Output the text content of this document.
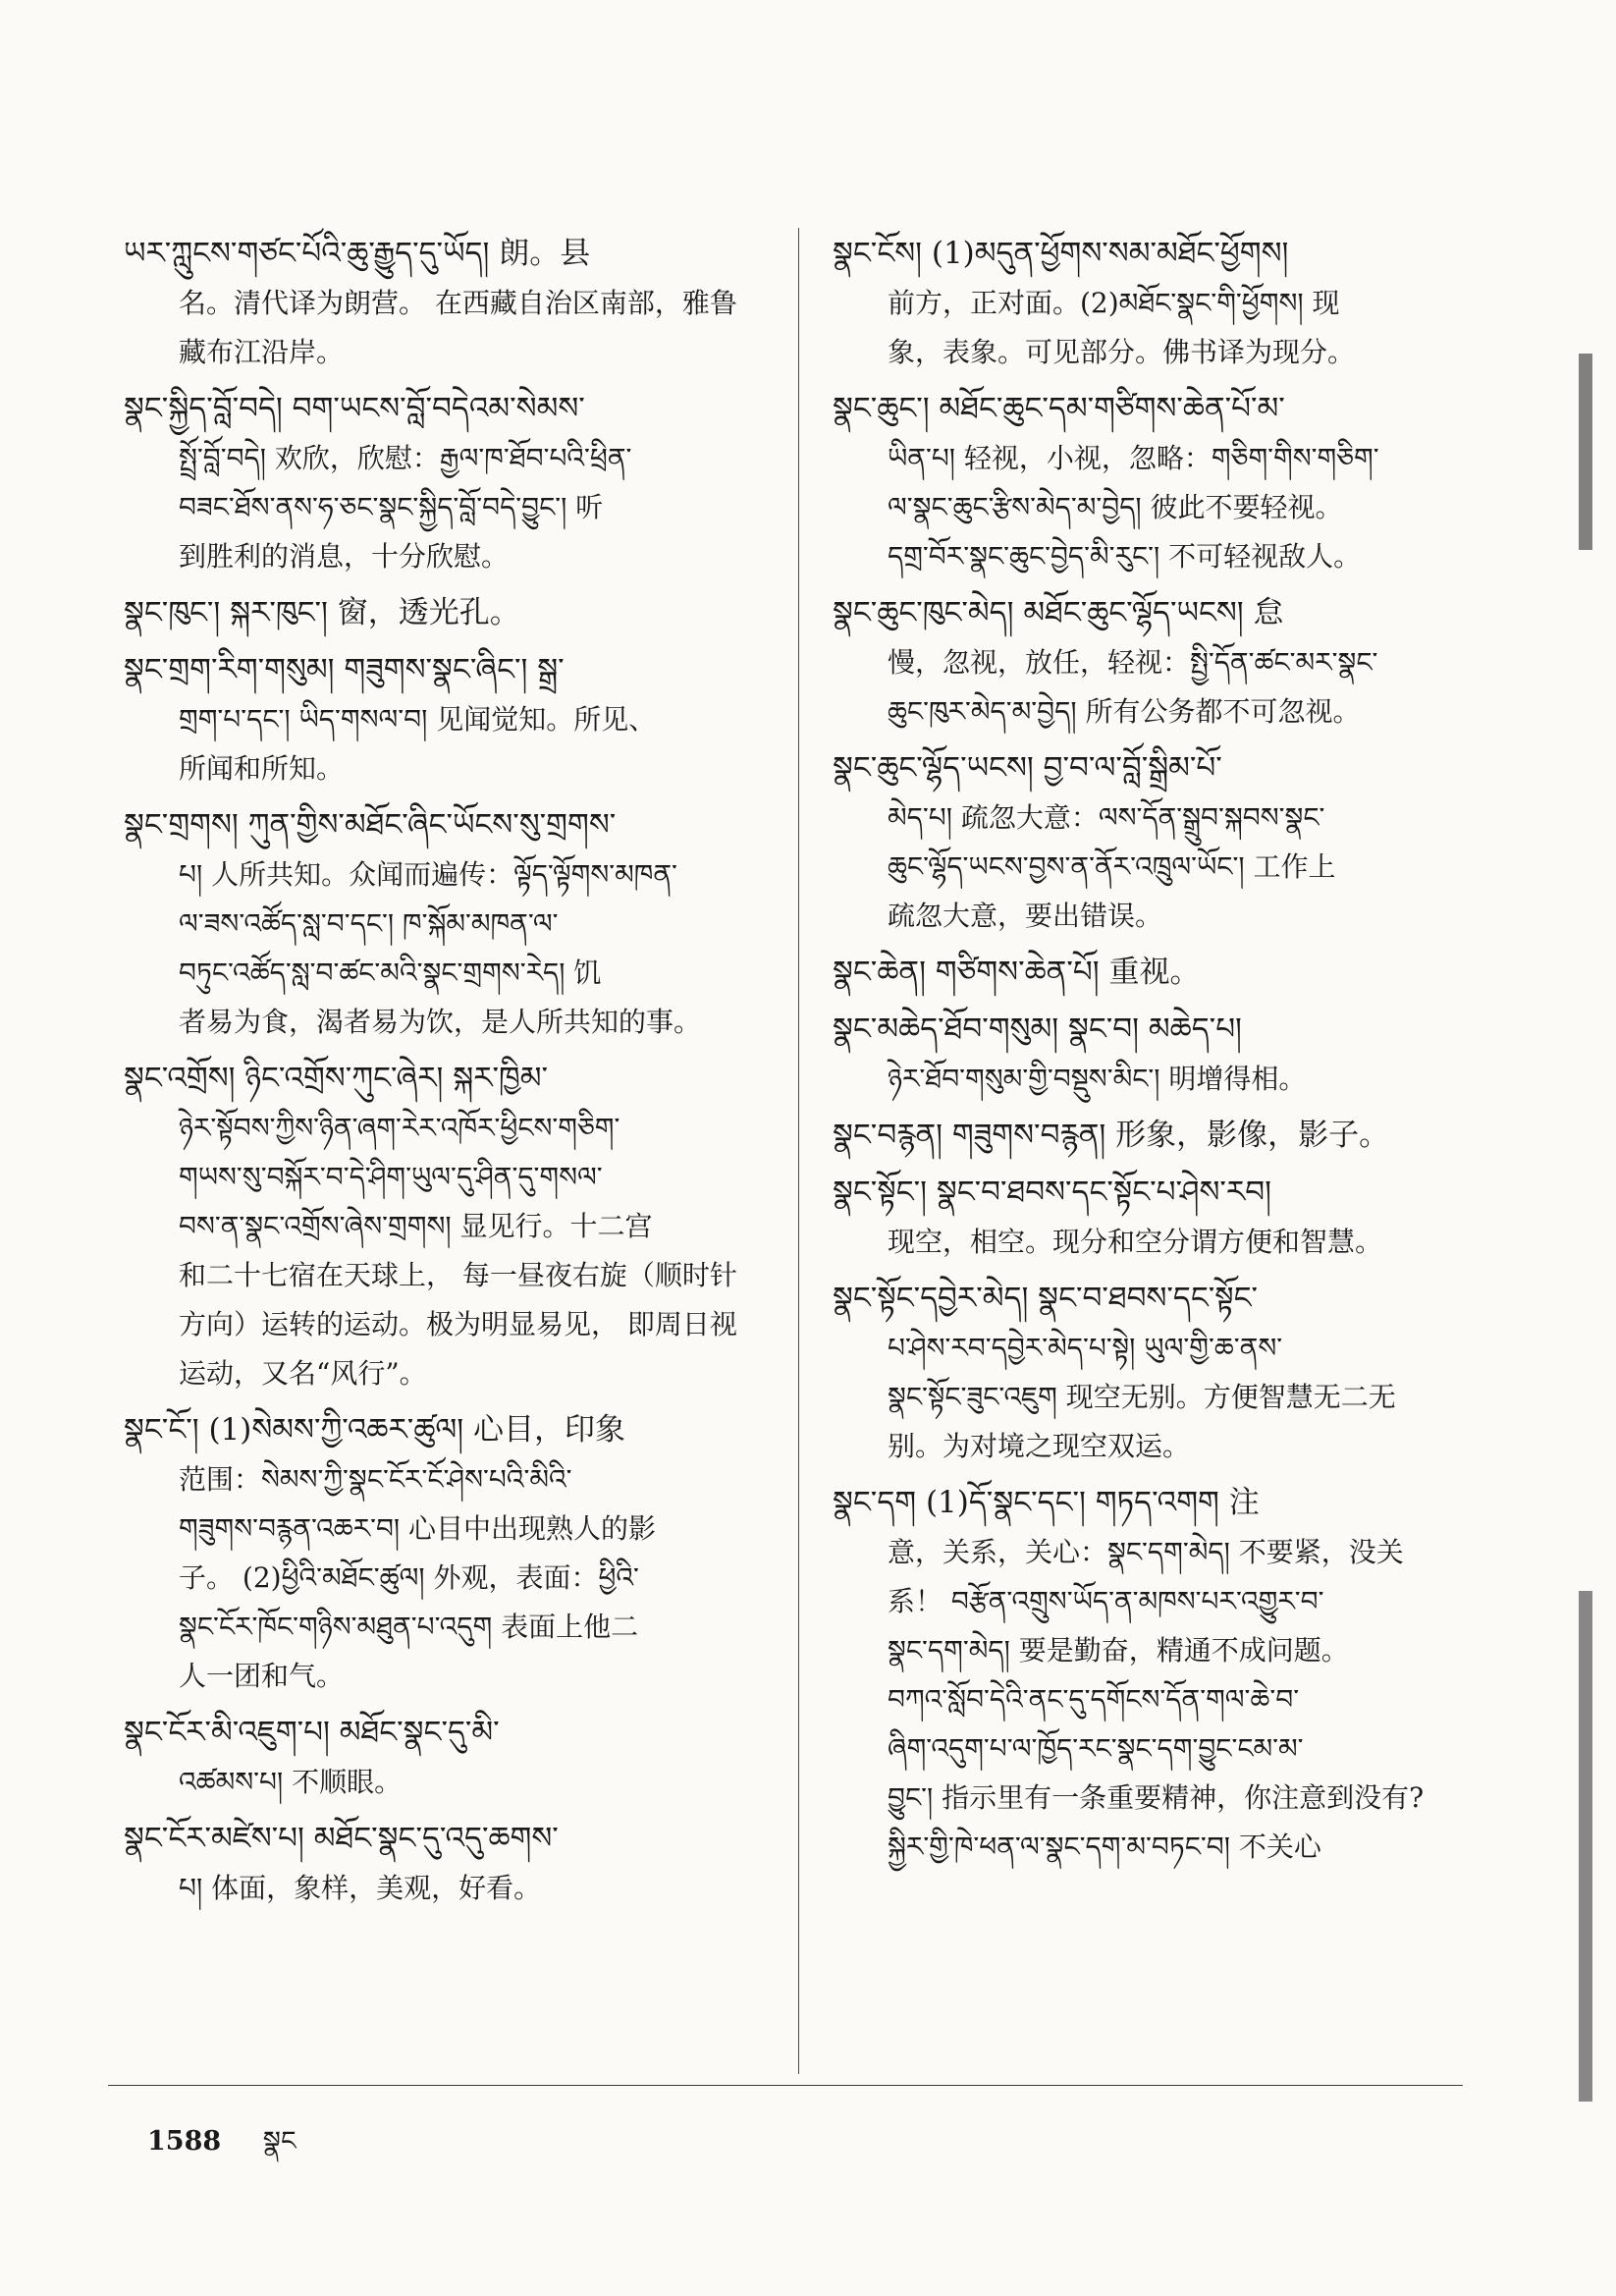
ཡར་ཀླུངས་གཙང་པོའི་ཆུ་རྒྱུད་དུ་ཡོད། 朗。县
名。清代译为朗营。 在西藏自治区南部，雅鲁
藏布江沿岸。
སྣང་སྐྱིད་བློ་བདེ། བག་ཡངས་བློ་བདེའམ་སེམས་
སྤྲོ་བློ་བདེ། 欢欣，欣慰：རྒྱལ་ཁ་ཐོབ་པའི་ཕྲིན་
བཟང་ཐོས་ནས་ཧ་ཅང་སྣང་སྐྱིད་བློ་བདེ་བྱུང་། 听
到胜利的消息，十分欣慰。
སྣང་ཁུང་། སྐར་ཁུང་། 窗，透光孔。
སྣང་གྲག་རིག་གསུམ། གཟུགས་སྣང་ཞིང་། སྒྲ་
གྲག་པ་དང་། ཡིད་གསལ་བ། 见闻觉知。所见、
所闻和所知。
སྣང་གྲགས། ཀུན་གྱིས་མཐོང་ཞིང་ཡོངས་སུ་གྲགས་
པ། 人所共知。众闻而遍传：ལྟོད་ལྟོགས་མཁན་
ལ་ཟས་འཚོད་སླ་བ་དང་། ཁ་སྐོམ་མཁན་ལ་
བཏུང་འཚོད་སླ་བ་ཚང་མའི་སྣང་གྲགས་རེད། 饥
者易为食，渴者易为饮，是人所共知的事。
སྣང་འགྲོས། ཉིང་འགྲོས་ཀུང་ཞེར། སྐར་ཁྱིམ་
ཉེར་སྟོབས་ཀྱིས་ཉིན་ཞག་རེར་འཁོར་ཕྱིངས་གཅིག་
གཡས་སུ་བསྐོར་བ་དེ་ཤིག་ཡུལ་དུ་ཤིན་དུ་གསལ་
བས་ན་སྣང་འགྲོས་ཞེས་གྲགས། 显见行。十二宫
和二十七宿在天球上， 每一昼夜右旋（顺时针
方向）运转的运动。极为明显易见， 即周日视
运动，又名“风行”。
སྣང་ངོ་། (1)སེམས་ཀྱི་འཆར་ཚུལ། 心目，印象
范围：སེམས་ཀྱི་སྣང་ངོར་ངོ་ཤེས་པའི་མིའི་
གཟུགས་བརྙན་འཆར་བ། 心目中出现熟人的影
子。 (2)ཕྱིའི་མཐོང་ཚུལ། 外观，表面：ཕྱིའི་
སྣང་ངོར་ཁོང་གཉིས་མཐུན་པ་འདུག 表面上他二
人一团和气。
སྣང་ངོར་མི་འཇུག་པ། མཐོང་སྣང་དུ་མི་
འཚམས་པ། 不顺眼。
སྣང་ངོར་མཛེས་པ། མཐོང་སྣང་དུ་འདུ་ཆགས་
པ། 体面，象样，美观，好看。
སྣང་ངོས། (1)མདུན་ཕྱོགས་སམ་མཐོང་ཕྱོགས།
前方，正对面。(2)མཐོང་སྣང་གི་ཕྱོགས། 现
象，表象。可见部分。佛书译为现分。
སྣང་ཆུང་། མཐོང་ཆུང་དམ་གཙིགས་ཆེན་པོ་མ་
ཡིན་པ། 轻视，小视，忽略：གཅིག་གིས་གཅིག་
ལ་སྣང་ཆུང་རྩིས་མེད་མ་བྱེད། 彼此不要轻视。
དགྲ་བོར་སྣང་ཆུང་བྱེད་མི་རུང་། 不可轻视敌人。
སྣང་ཆུང་ཁུང་མེད། མཐོང་ཆུང་ལྷོད་ཡངས། 怠
慢，忽视，放任，轻视：སྤྱི་དོན་ཚང་མར་སྣང་
ཆུང་ཁུར་མེད་མ་བྱེད། 所有公务都不可忽视。
སྣང་ཆུང་ལྷོད་ཡངས། བྱ་བ་ལ་བློ་སྒྲིམ་པོ་
མེད་པ། 疏忽大意：ལས་དོན་སྒྲུབ་སྐབས་སྣང་
ཆུང་ལྷོད་ཡངས་བྱས་ན་ནོར་འཁྲུལ་ཡོང་། 工作上
疏忽大意，要出错误。
སྣང་ཆེན། གཙིགས་ཆེན་པོ། 重视。
སྣང་མཆེད་ཐོབ་གསུམ། སྣང་བ། མཆེད་པ།
ཉེར་ཐོབ་གསུམ་གྱི་བསྡུས་མིང་། 明增得相。
སྣང་བརྙན། གཟུགས་བརྙན། 形象，影像，影子。
སྣང་སྟོང་། སྣང་བ་ཐབས་དང་སྟོང་པ་ཤེས་རབ།
现空，相空。现分和空分谓方便和智慧。
སྣང་སྟོང་དབྱེར་མེད། སྣང་བ་ཐབས་དང་སྟོང་
པ་ཤེས་རབ་དབྱེར་མེད་པ་སྟེ། ཡུལ་གྱི་ཆ་ནས་
སྣང་སྟོང་ཟུང་འཇུག 现空无别。方便智慧无二无
别。为对境之现空双运。
སྣང་དག (1)དོ་སྣང་དང་། གཏད་འགག 注
意，关系，关心：སྣང་དག་མེད། 不要紧，没关
系！ བརྩོན་འགྲུས་ཡོད་ན་མཁས་པར་འགྱུར་བ་
སྣང་དག་མེད། 要是勤奋，精通不成问题。
བཀའ་སློབ་དེའི་ནང་དུ་དགོངས་དོན་གལ་ཆེ་བ་
ཞིག་འདུག་པ་ལ་ཁྱོད་རང་སྣང་དག་བྱུང་ངམ་མ་
བྱུང་། 指示里有一条重要精神，你注意到没有?
སྐྱིར་གྱི་ཁེ་ཕན་ལ་སྣང་དག་མ་བཏང་བ། 不关心
1588 སྣང
